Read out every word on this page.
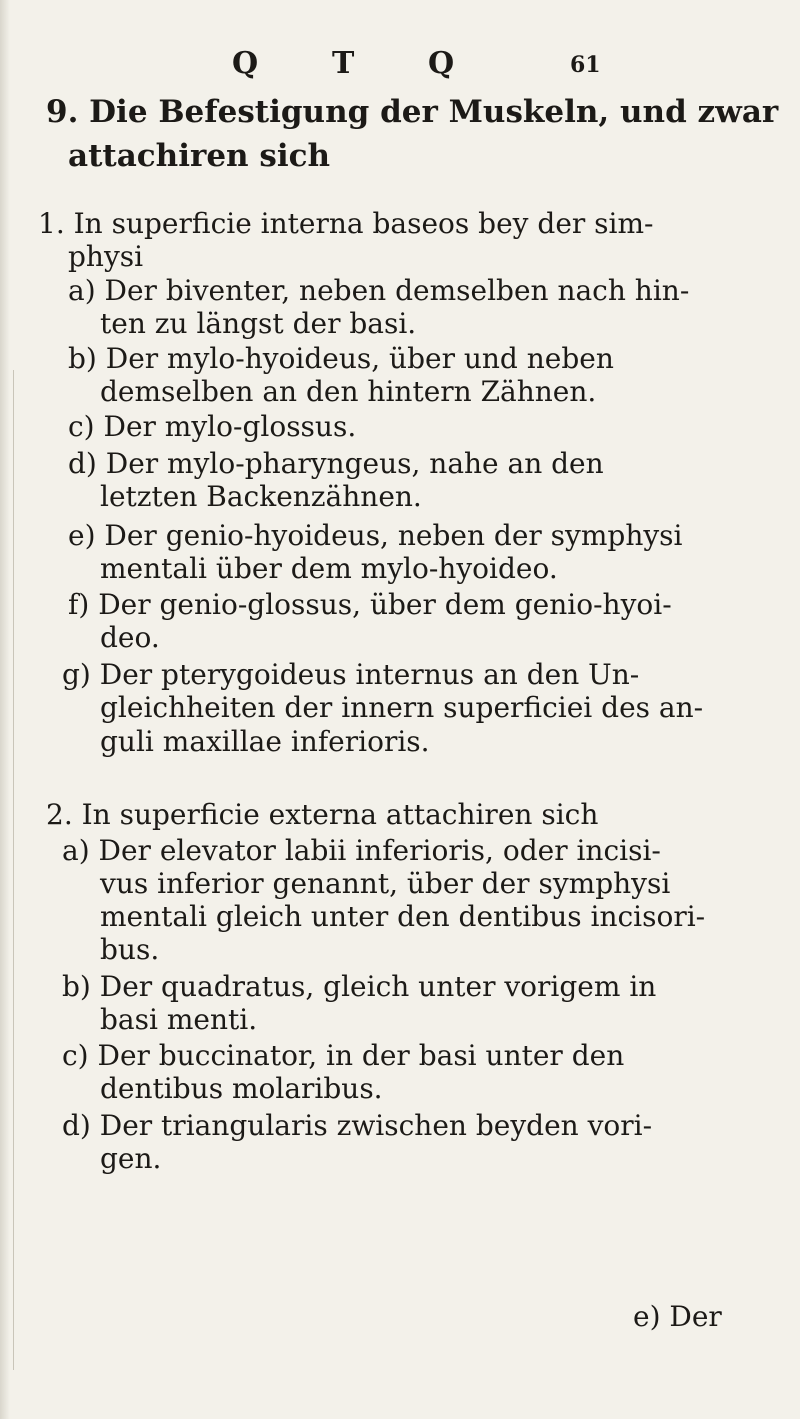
Q T Q	61
9. Die Befestigung der Muskeln, und zwar
attachiren sich
1. In superficie interna baseos bey der sim-
physi
a) Der biventer, neben demselben nach hin-
ten zu längst der basi.
b) Der mylo-hyoideus, über und neben
demselben an den hintern Zähnen.
c) Der mylo-glossus.
d) Der mylo-pharyngeus, nahe an den
letzten Backenzähnen.
e) Der genio-hyoideus, neben der symphysi
mentali über dem mylo-hyoideo.
f) Der genio-glossus, über dem genio-hyoi-
deo.
g) Der pterygoideus internus an den Un-
gleichheiten der innern superficiei des an-
guli maxillae inferioris.
2. In superficie externa attachiren sich
a) Der elevator labii inferioris, oder incisi-
vus inferior genannt, über der symphysi
mentali gleich unter den dentibus incisori-
bus.
b) Der quadratus, gleich unter vorigem in
basi menti.
c) Der buccinator, in der basi unter den
dentibus molaribus.
d) Der triangularis zwischen beyden vori-
gen.
e) Der
